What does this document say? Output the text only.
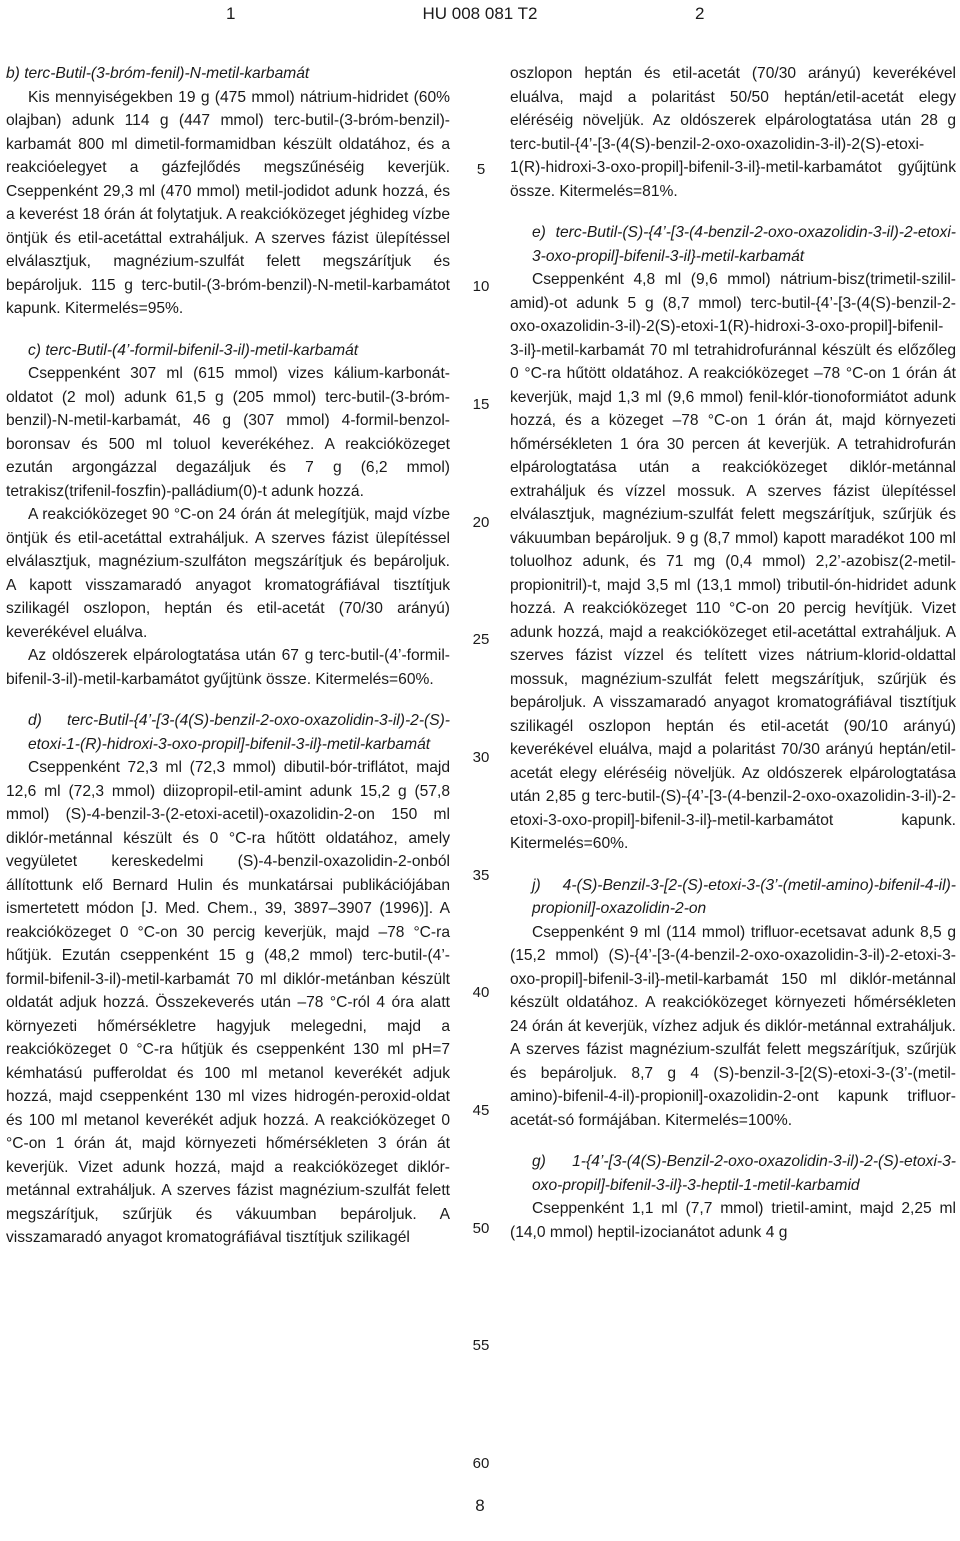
1	HU 008 081 T2	2

b) terc-Butil-(3-bróm-fenil)-N-metil-karbamát

Kis mennyiségekben 19 g (475 mmol) nátrium-hidridet (60% olajban) adunk 114 g (447 mmol) terc-butil-(3-bróm-benzil)-karbamát 800 ml dimetil-formamidban készült oldatához, és a reakcióelegyet a gázfejlődés megszűnéséig keverjük. Cseppenként 29,3 ml (470 mmol) metil-jodidot adunk hozzá, és a keverést 18 órán át folytatjuk. A reakcióközeget jéghideg vízbe öntjük és etil-acetáttal extraháljuk. A szerves fázist ülepítéssel elválasztjuk, magnézium-szulfát felett megszárítjuk és bepároljuk. 115 g terc-butil-(3-bróm-benzil)-N-metil-karbamátot kapunk. Kitermelés=95%.

c) terc-Butil-(4’-formil-bifenil-3-il)-metil-karbamát

Cseppenként 307 ml (615 mmol) vizes kálium-karbonát-oldatot (2 mol) adunk 61,5 g (205 mmol) terc-butil-(3-bróm-benzil)-N-metil-karbamát, 46 g (307 mmol) 4-formil-benzol-boronsav és 500 ml toluol keverékéhez. A reakcióközeget ezután argongázzal degazáljuk és 7 g (6,2 mmol) tetrakisz(trifenil-foszfin)-palládium(0)-t adunk hozzá.

A reakcióközeget 90 °C-on 24 órán át melegítjük, majd vízbe öntjük és etil-acetáttal extraháljuk. A szerves fázist ülepítéssel elválasztjuk, magnézium-szulfáton megszárítjuk és bepároljuk. A kapott visszamaradó anyagot kromatográfiával tisztítjuk szilikagél oszlopon, heptán és etil-acetát (70/30 arányú) keverékével eluálva.

Az oldószerek elpárologtatása után 67 g terc-butil-(4’-formil-bifenil-3-il)-metil-karbamátot gyűjtünk össze. Kitermelés=60%.

d) terc-Butil-{4’-[3-(4(S)-benzil-2-oxo-oxazolidin-3-il)-2-(S)-etoxi-1-(R)-hidroxi-3-oxo-propil]-bifenil-3-il}-metil-karbamát

Cseppenként 72,3 ml (72,3 mmol) dibutil-bór-triflátot, majd 12,6 ml (72,3 mmol) diizopropil-etil-amint adunk 15,2 g (57,8 mmol) (S)-4-benzil-3-(2-etoxi-acetil)-oxazolidin-2-on 150 ml diklór-metánnal készült és 0 °C-ra hűtött oldatához, amely vegyületet kereskedelmi (S)-4-benzil-oxazolidin-2-onból állítottunk elő Bernard Hulin és munkatársai publikációjában ismertetett módon [J. Med. Chem., 39, 3897–3907 (1996)]. A reakcióközeget 0 °C-on 30 percig keverjük, majd –78 °C-ra hűtjük. Ezután cseppenként 15 g (48,2 mmol) terc-butil-(4’-formil-bifenil-3-il)-metil-karbamát 70 ml diklór-metánban készült oldatát adjuk hozzá. Összekeverés után –78 °C-ról 4 óra alatt környezeti hőmérsékletre hagyjuk melegedni, majd a reakcióközeget 0 °C-ra hűtjük és cseppenként 130 ml pH=7 kémhatású pufferoldat és 100 ml metanol keverékét adjuk hozzá, majd cseppenként 130 ml vizes hidrogén-peroxid-oldat és 100 ml metanol keverékét adjuk hozzá. A reakcióközeget 0 °C-on 1 órán át, majd környezeti hőmérsékleten 3 órán át keverjük. Vizet adunk hozzá, majd a reakcióközeget diklór-metánnal extraháljuk. A szerves fázist magnézium-szulfát felett megszárítjuk, szűrjük és vákuumban bepároljuk. A visszamaradó anyagot kromatográfiával tisztítjuk szilikagél

oszlopon heptán és etil-acetát (70/30 arányú) keverékével eluálva, majd a polaritást 50/50 heptán/etil-acetát elegy eléréséig növeljük. Az oldószerek elpárologtatása után 28 g terc-butil-{4’-[3-(4(S)-benzil-2-oxo-oxazolidin-3-il)-2(S)-etoxi-1(R)-hidroxi-3-oxo-propil]-bifenil-3-il}-metil-karbamátot gyűjtünk össze. Kitermelés=81%.

e) terc-Butil-(S)-{4’-[3-(4-benzil-2-oxo-oxazolidin-3-il)-2-etoxi-3-oxo-propil]-bifenil-3-il}-metil-karbamát

Cseppenként 4,8 ml (9,6 mmol) nátrium-bisz(trimetil-szilil-amid)-ot adunk 5 g (8,7 mmol) terc-butil-{4’-[3-(4(S)-benzil-2-oxo-oxazolidin-3-il)-2(S)-etoxi-1(R)-hidroxi-3-oxo-propil]-bifenil-3-il}-metil-karbamát 70 ml tetrahidrofuránnal készült és előzőleg 0 °C-ra hűtött oldatához. A reakcióközeget –78 °C-on 1 órán át keverjük, majd 1,3 ml (9,6 mmol) fenil-klór-tionoformiátot adunk hozzá, és a közeget –78 °C-on 1 órán át, majd környezeti hőmérsékleten 1 óra 30 percen át keverjük. A tetrahidrofurán elpárologtatása után a reakcióközeget diklór-metánnal extraháljuk és vízzel mossuk. A szerves fázist ülepítéssel elválasztjuk, magnézium-szulfát felett megszárítjuk, szűrjük és vákuumban bepároljuk. 9 g (8,7 mmol) kapott maradékot 100 ml toluolhoz adunk, és 71 mg (0,4 mmol) 2,2’-azobisz(2-metil-propionitril)-t, majd 3,5 ml (13,1 mmol) tributil-ón-hidridet adunk hozzá. A reakcióközeget 110 °C-on 20 percig hevítjük. Vizet adunk hozzá, majd a reakcióközeget etil-acetáttal extraháljuk. A szerves fázist vízzel és telített vizes nátrium-klorid-oldattal mossuk, magnézium-szulfát felett megszárítjuk, szűrjük és bepároljuk. A visszamaradó anyagot kromatográfiával tisztítjuk szilikagél oszlopon heptán és etil-acetát (90/10 arányú) keverékével eluálva, majd a polaritást 70/30 arányú heptán/etil-acetát elegy eléréséig növeljük. Az oldószerek elpárologtatása után 2,85 g terc-butil-(S)-{4’-[3-(4-benzil-2-oxo-oxazolidin-3-il)-2-etoxi-3-oxo-propil]-bifenil-3-il}-metil-karbamátot kapunk. Kitermelés=60%.

j) 4-(S)-Benzil-3-[2-(S)-etoxi-3-(3’-(metil-amino)-bifenil-4-il)-propionil]-oxazolidin-2-on

Cseppenként 9 ml (114 mmol) trifluor-ecetsavat adunk 8,5 g (15,2 mmol) (S)-{4’-[3-(4-benzil-2-oxo-oxazolidin-3-il)-2-etoxi-3-oxo-propil]-bifenil-3-il}-metil-karbamát 150 ml diklór-metánnal készült oldatához. A reakcióközeget környezeti hőmérsékleten 24 órán át keverjük, vízhez adjuk és diklór-metánnal extraháljuk. A szerves fázist magnézium-szulfát felett megszárítjuk, szűrjük és bepároljuk. 8,7 g 4 (S)-benzil-3-[2(S)-etoxi-3-(3’-(metil-amino)-bifenil-4-il)-propionil]-oxazolidin-2-ont kapunk trifluor-acetát-só formájában. Kitermelés=100%.

g) 1-{4’-[3-(4(S)-Benzil-2-oxo-oxazolidin-3-il)-2-(S)-etoxi-3-oxo-propil]-bifenil-3-il}-3-heptil-1-metil-karbamid

Cseppenként 1,1 ml (7,7 mmol) trietil-amint, majd 2,25 ml (14,0 mmol) heptil-izocianátot adunk 4 g

5
10
15
20
25
30
35
40
45
50
55
60
8
